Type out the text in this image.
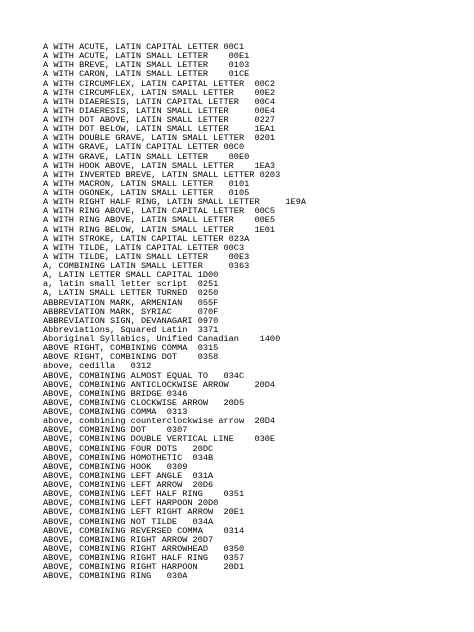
A WITH ACUTE, LATIN CAPITAL LETTER 00C1
A WITH ACUTE, LATIN SMALL LETTER    00E1
A WITH BREVE, LATIN SMALL LETTER    0103
A WITH CARON, LATIN SMALL LETTER    01CE
A WITH CIRCUMFLEX, LATIN CAPITAL LETTER  00C2
A WITH CIRCUMFLEX, LATIN SMALL LETTER    00E2
A WITH DIAERESIS, LATIN CAPITAL LETTER   00C4
A WITH DIAERESIS, LATIN SMALL LETTER     00E4
A WITH DOT ABOVE, LATIN SMALL LETTER     0227
A WITH DOT BELOW, LATIN SMALL LETTER     1EA1
A WITH DOUBLE GRAVE, LATIN SMALL LETTER  0201
A WITH GRAVE, LATIN CAPITAL LETTER 00C0
A WITH GRAVE, LATIN SMALL LETTER    00E0
A WITH HOOK ABOVE, LATIN SMALL LETTER    1EA3
A WITH INVERTED BREVE, LATIN SMALL LETTER 0203
A WITH MACRON, LATIN SMALL LETTER   0101
A WITH OGONEK, LATIN SMALL LETTER   0105
A WITH RIGHT HALF RING, LATIN SMALL LETTER     1E9A
A WITH RING ABOVE, LATIN CAPITAL LETTER  00C5
A WITH RING ABOVE, LATIN SMALL LETTER    00E5
A WITH RING BELOW, LATIN SMALL LETTER    1E01
A WITH STROKE, LATIN CAPITAL LETTER 023A
A WITH TILDE, LATIN CAPITAL LETTER 00C3
A WITH TILDE, LATIN SMALL LETTER    00E3
A, COMBINING LATIN SMALL LETTER     0363
A, LATIN LETTER SMALL CAPITAL 1D00
a, latin small letter script  0251
A, LATIN SMALL LETTER TURNED  0250
ABBREVIATION MARK, ARMENIAN   055F
ABBREVIATION MARK, SYRIAC     070F
ABBREVIATION SIGN, DEVANAGARI 0970
Abbreviations, Squared Latin  3371
Aboriginal Syllabics, Unified Canadian    1400
ABOVE RIGHT, COMBINING COMMA  0315
ABOVE RIGHT, COMBINING DOT    0358
above, cedilla   0312
ABOVE, COMBINING ALMOST EQUAL TO   034C
ABOVE, COMBINING ANTICLOCKWISE ARROW     20D4
ABOVE, COMBINING BRIDGE 0346
ABOVE, COMBINING CLOCKWISE ARROW   20D5
ABOVE, COMBINING COMMA  0313
above, combining counterclockwise arrow  20D4
ABOVE, COMBINING DOT    0307
ABOVE, COMBINING DOUBLE VERTICAL LINE    030E
ABOVE, COMBINING FOUR DOTS   20DC
ABOVE, COMBINING HOMOTHETIC  034B
ABOVE, COMBINING HOOK   0309
ABOVE, COMBINING LEFT ANGLE  031A
ABOVE, COMBINING LEFT ARROW  20D6
ABOVE, COMBINING LEFT HALF RING    0351
ABOVE, COMBINING LEFT HARPOON 20D0
ABOVE, COMBINING LEFT RIGHT ARROW  20E1
ABOVE, COMBINING NOT TILDE   034A
ABOVE, COMBINING REVERSED COMMA    0314
ABOVE, COMBINING RIGHT ARROW 20D7
ABOVE, COMBINING RIGHT ARROWHEAD   0350
ABOVE, COMBINING RIGHT HALF RING   0357
ABOVE, COMBINING RIGHT HARPOON     20D1
ABOVE, COMBINING RING   030A
